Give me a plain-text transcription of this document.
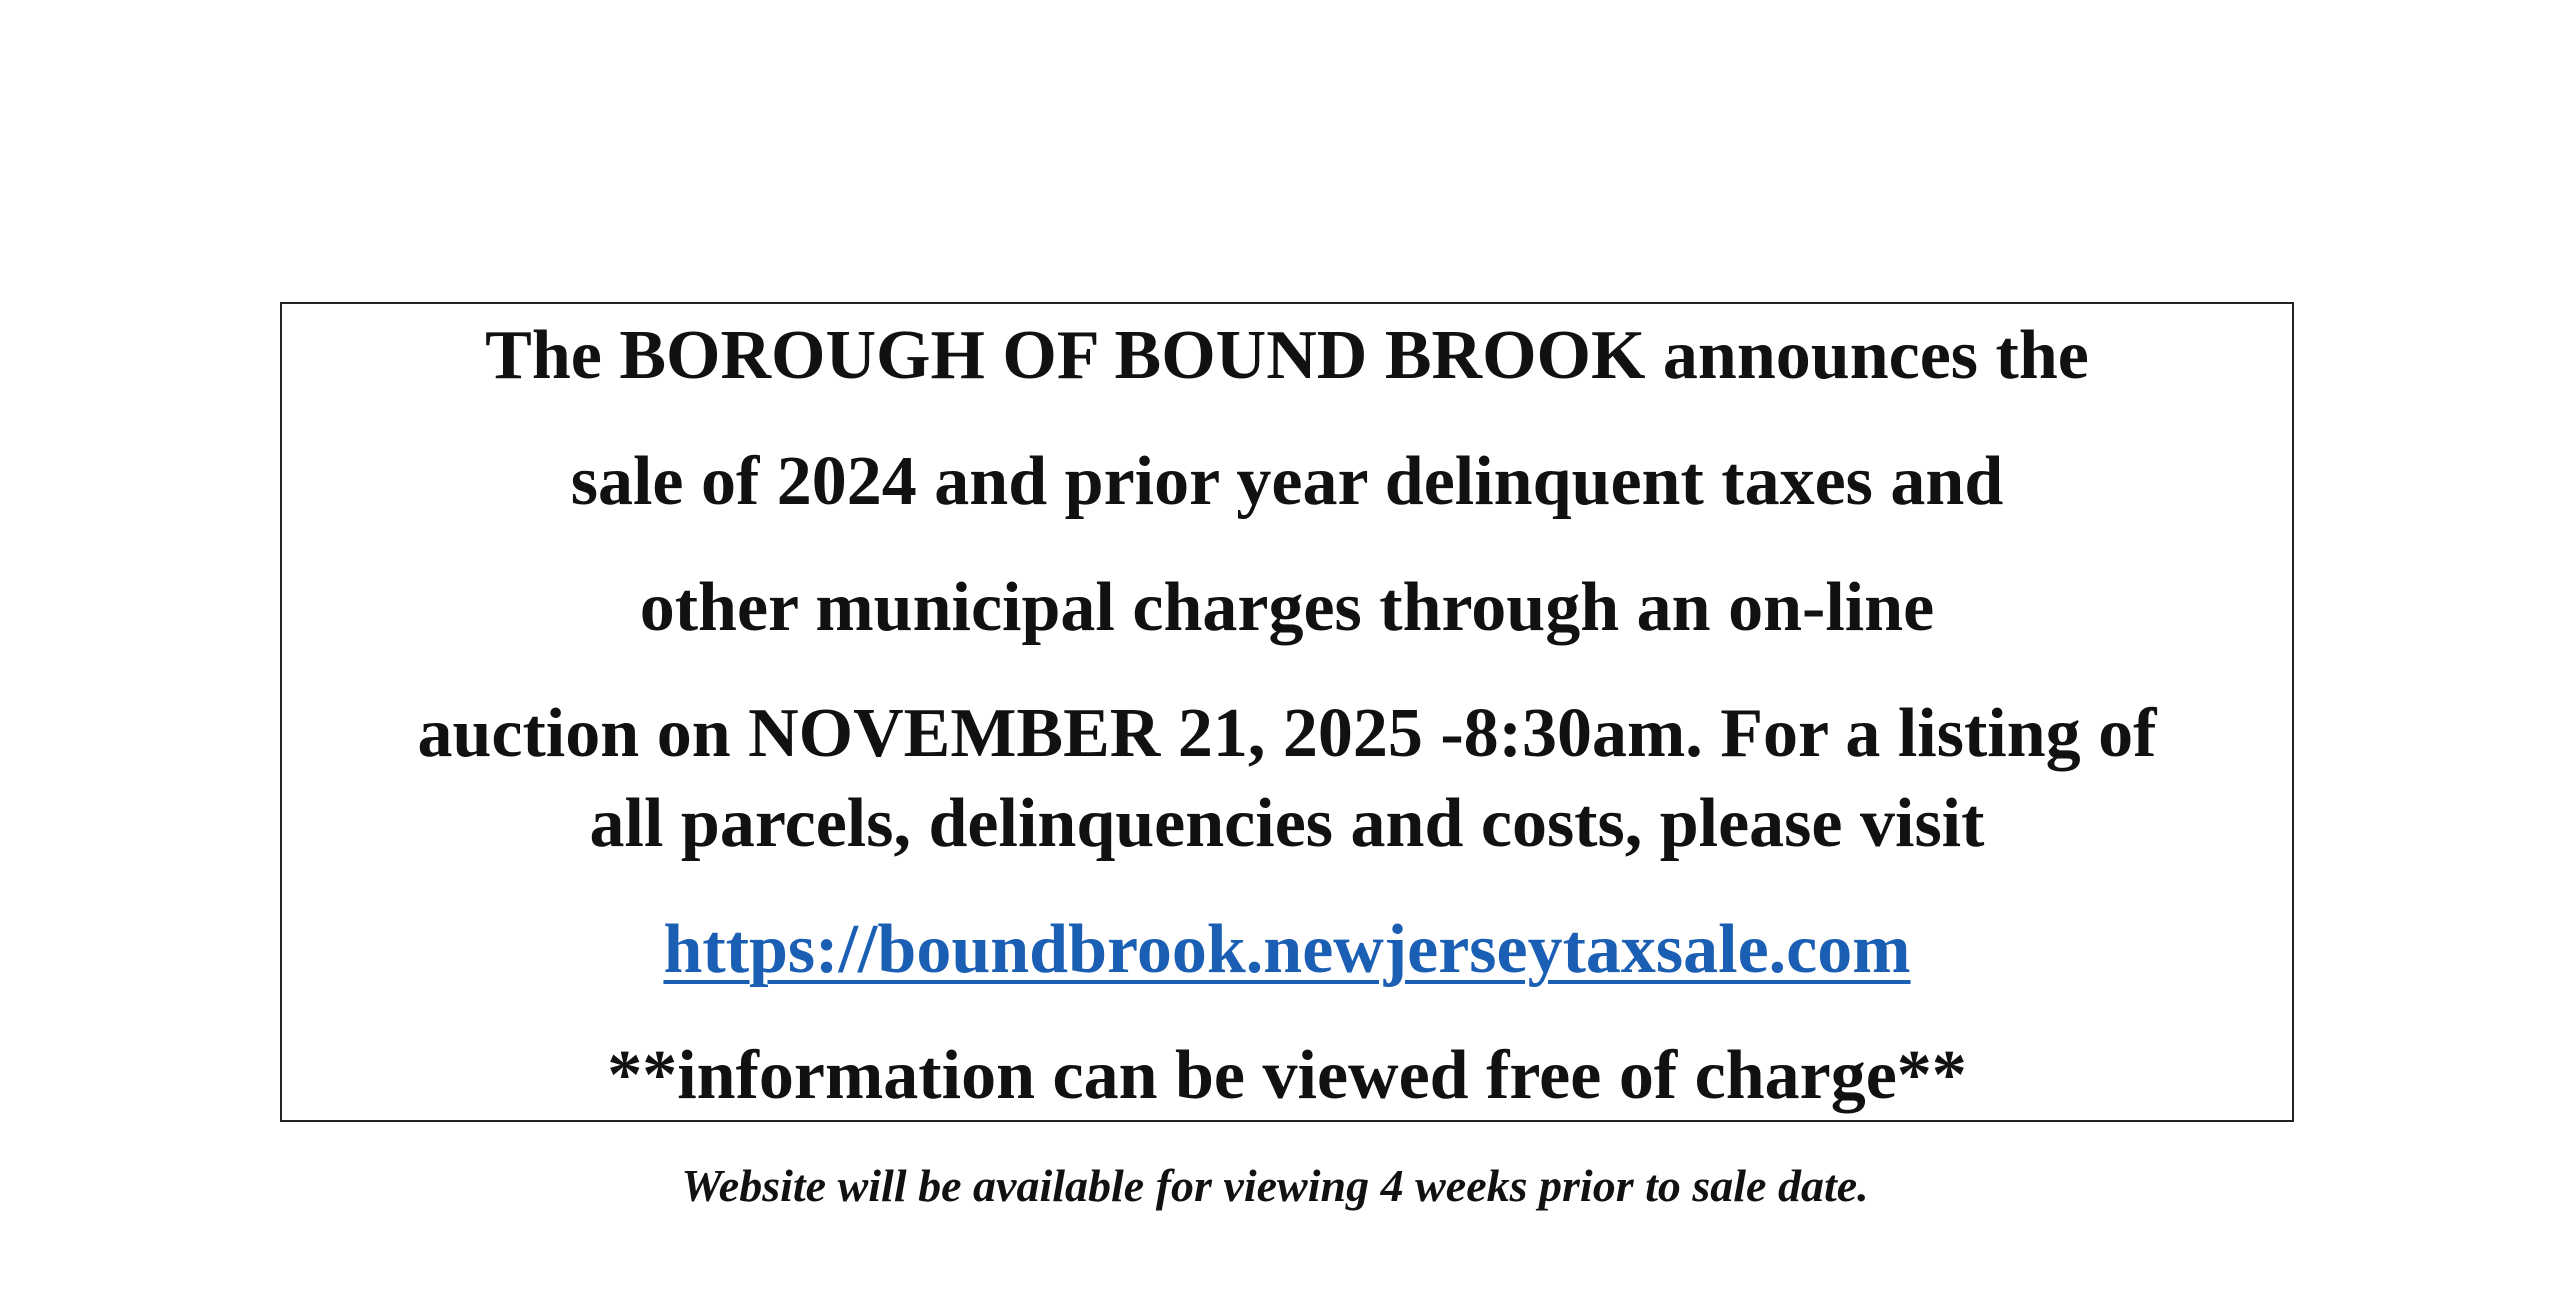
The BOROUGH OF BOUND BROOK announces the
sale of 2024 and prior year delinquent taxes and
other municipal charges through an on-line
auction on NOVEMBER 21, 2025 -8:30am. For a listing of
all parcels, delinquencies and costs, please visit
https://boundbrook.newjerseytaxsale.com
**information can be viewed free of charge**
Website will be available for viewing 4 weeks prior to sale date.
